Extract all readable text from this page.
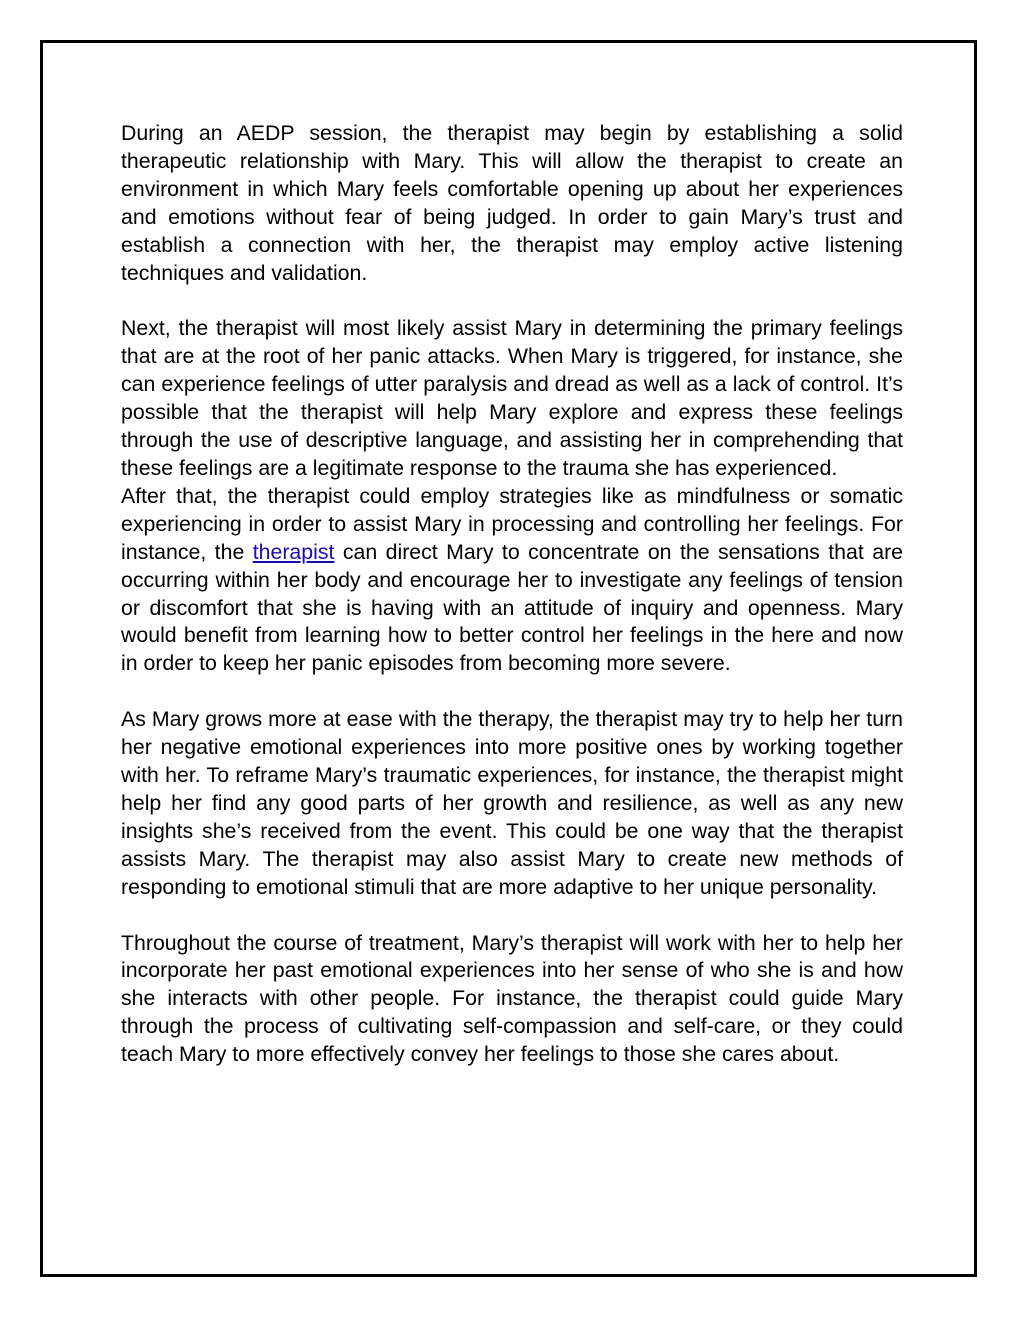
During an AEDP session, the therapist may begin by establishing a solid therapeutic relationship with Mary. This will allow the therapist to create an environment in which Mary feels comfortable opening up about her experiences and emotions without fear of being judged. In order to gain Mary’s trust and establish a connection with her, the therapist may employ active listening techniques and validation.

Next, the therapist will most likely assist Mary in determining the primary feelings that are at the root of her panic attacks. When Mary is triggered, for instance, she can experience feelings of utter paralysis and dread as well as a lack of control. It’s possible that the therapist will help Mary explore and express these feelings through the use of descriptive language, and assisting her in comprehending that these feelings are a legitimate response to the trauma she has experienced.
After that, the therapist could employ strategies like as mindfulness or somatic experiencing in order to assist Mary in processing and controlling her feelings. For instance, the therapist can direct Mary to concentrate on the sensations that are occurring within her body and encourage her to investigate any feelings of tension or discomfort that she is having with an attitude of inquiry and openness. Mary would benefit from learning how to better control her feelings in the here and now in order to keep her panic episodes from becoming more severe.

As Mary grows more at ease with the therapy, the therapist may try to help her turn her negative emotional experiences into more positive ones by working together with her. To reframe Mary’s traumatic experiences, for instance, the therapist might help her find any good parts of her growth and resilience, as well as any new insights she’s received from the event. This could be one way that the therapist assists Mary. The therapist may also assist Mary to create new methods of responding to emotional stimuli that are more adaptive to her unique personality.

Throughout the course of treatment, Mary’s therapist will work with her to help her incorporate her past emotional experiences into her sense of who she is and how she interacts with other people. For instance, the therapist could guide Mary through the process of cultivating self-compassion and self-care, or they could teach Mary to more effectively convey her feelings to those she cares about.
